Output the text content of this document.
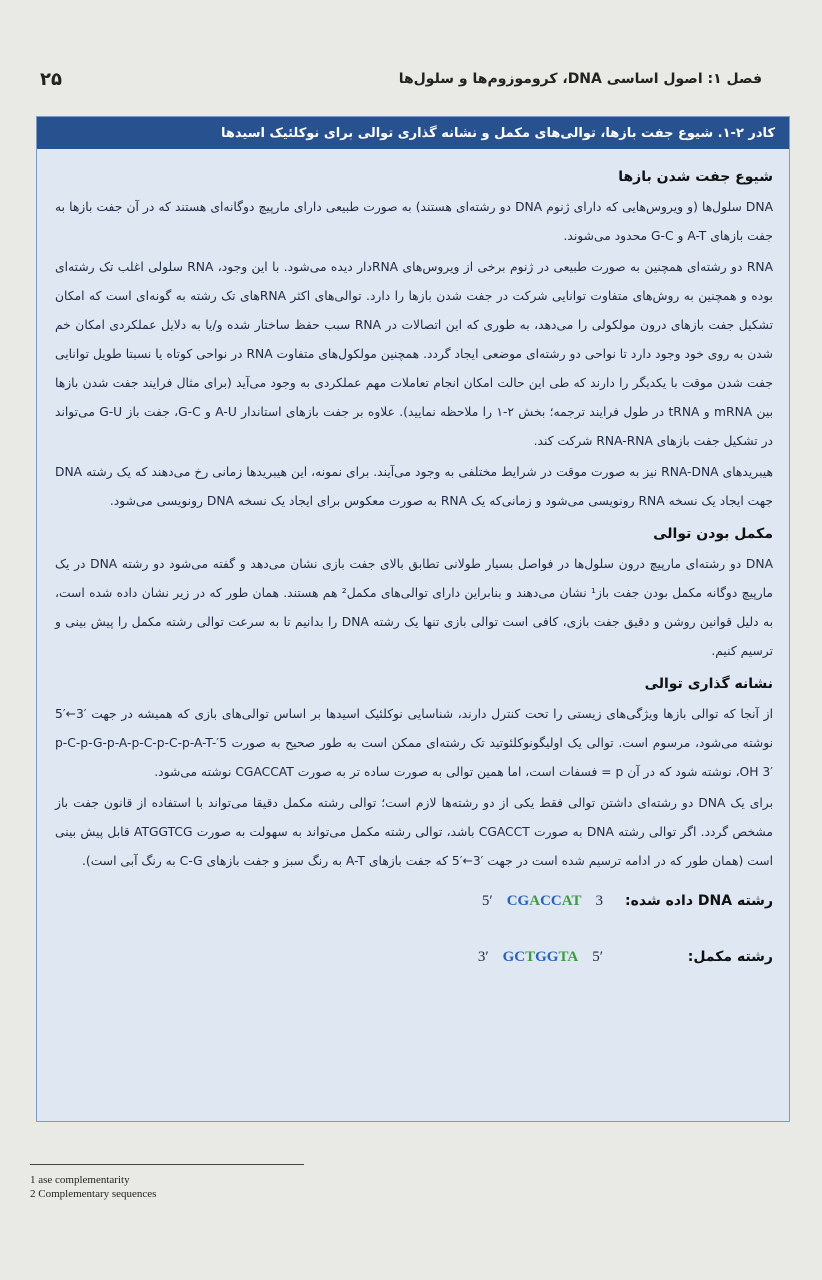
۲۵	فصل ۱: اصول اساسی DNA، کروموزوم‌ها و سلول‌ها
کادر ۲-۱. شیوع جفت بازها، توالی‌های مکمل و نشانه گذاری توالی برای نوکلئیک اسیدها
شیوع جفت شدن بازها

DNA سلول‌ها (و ویروس‌هایی که دارای ژنوم DNA دو رشته‌ای هستند) به صورت طبیعی دارای مارپیچ دوگانه‌ای هستند که در آن جفت بازها به جفت بازهای A-T و G-C محدود می‌شوند.

RNA دو رشته‌ای همچنین به صورت طبیعی در ژنوم برخی از ویروس‌های RNAدار دیده می‌شود. با این وجود، RNA سلولی اغلب تک رشته‌ای بوده و همچنین به روش‌های متفاوت توانایی شرکت در جفت شدن بازها را دارد. توالی‌های اکثر RNAهای تک رشته به گونه‌ای است که امکان تشکیل جفت بازهای درون مولکولی را می‌دهد، به طوری که این اتصالات در RNA سبب حفظ ساختار شده و/یا به دلایل عملکردی امکان خم شدن به روی خود وجود دارد تا نواحی دو رشته‌ای موضعی ایجاد گردد. همچنین مولکول‌های متفاوت RNA در نواحی کوتاه یا نسبتا طویل توانایی جفت شدن موقت با یکدیگر را دارند که طی این حالت امکان انجام تعاملات مهم عملکردی به وجود می‌آید (برای مثال فرایند جفت شدن بازها بین mRNA و tRNA در طول فرایند ترجمه؛ بخش ۲-۱ را ملاحظه نمایید). علاوه بر جفت بازهای استاندار A-U و G-C، جفت باز G-U می‌تواند در تشکیل جفت بازهای RNA-RNA شرکت کند.

هیبریدهای RNA-DNA نیز به صورت موقت در شرایط مختلفی به وجود می‌آیند. برای نمونه، این هیبریدها زمانی رخ می‌دهند که یک رشته DNA جهت ایجاد یک نسخه RNA رونویسی می‌شود و زمانی‌که یک RNA به صورت معکوس برای ایجاد یک نسخه DNA رونویسی می‌شود.

مکمل بودن توالی

DNA دو رشته‌ای مارپیچ درون سلول‌ها در فواصل بسیار طولانی تطابق بالای جفت بازی نشان می‌دهد و گفته می‌شود دو رشته DNA در یک مارپیچ دوگانه مکمل بودن جفت باز¹ نشان می‌دهند و بنابراین دارای توالی‌های مکمل² هم هستند. همان طور که در زیر نشان داده شده است، به دلیل قوانین روشن و دقیق جفت بازی، کافی است توالی بازی تنها یک رشته DNA را بدانیم تا به سرعت توالی رشته مکمل را پیش بینی و ترسیم کنیم.

نشانه گذاری توالی

از آنجا که توالی بازها ویژگی‌های زیستی را تحت کنترل دارند، شناسایی نوکلئیک اسیدها بر اساس توالی‌های بازی که همیشه در جهت ′3←′5 نوشته می‌شود، مرسوم است. توالی یک اولیگونوکلئوتید تک رشته‌ای ممکن است به طور صحیح به صورت 5′p-C-p-G-p-A-p-C-p-C-p-A-T-OH 3′، نوشته شود که در آن p = فسفات است، اما همین توالی به صورت ساده تر به صورت CGACCAT نوشته می‌شود.

برای یک DNA دو رشته‌ای داشتن توالی فقط یکی از دو رشته‌ها لازم است؛ توالی رشته مکمل دقیقا می‌تواند با استفاده از قانون جفت باز مشخص گردد. اگر توالی رشته DNA به صورت CGACCT باشد، توالی رشته مکمل می‌تواند به سهولت به صورت ATGGTCG قابل پیش بینی است (همان طور که در ادامه ترسیم شده است در جهت ′3←′5 که جفت بازهای A-T به رنگ سبز و جفت بازهای C-G به رنگ آبی است).

رشته DNA داده شده:
5′ CGACCAT 3
رشته مکمل:
3′ GCTGGTA 5′
1 ase complementarity
2 Complementary sequences
